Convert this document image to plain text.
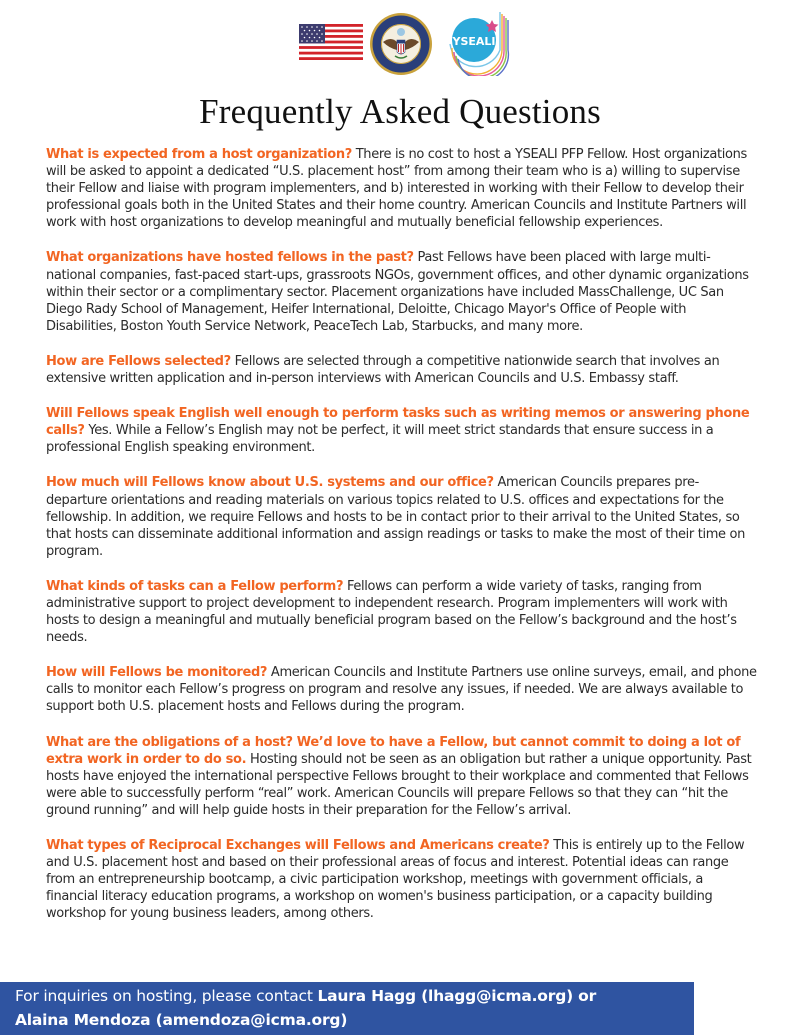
YSEALI
Frequently Asked Questions

What is expected from a host organization? There is no cost to host a YSEALI PFP Fellow. Host organizations will be asked to appoint a dedicated “U.S. placement host” from among their team who is a) willing to supervise their Fellow and liaise with program implementers, and b) interested in working with their Fellow to develop their professional goals both in the United States and their home country. American Councils and Institute Partners will work with host organizations to develop meaningful and mutually beneficial fellowship experiences.

What organizations have hosted fellows in the past? Past Fellows have been placed with large multi-national companies, fast-paced start-ups, grassroots NGOs, government offices, and other dynamic organizations within their sector or a complimentary sector. Placement organizations have included MassChallenge, UC San Diego Rady School of Management, Heifer International, Deloitte, Chicago Mayor's Office of People with Disabilities, Boston Youth Service Network, PeaceTech Lab, Starbucks, and many more.

How are Fellows selected? Fellows are selected through a competitive nationwide search that involves an extensive written application and in-person interviews with American Councils and U.S. Embassy staff.

Will Fellows speak English well enough to perform tasks such as writing memos or answering phone calls? Yes. While a Fellow’s English may not be perfect, it will meet strict standards that ensure success in a professional English speaking environment.

How much will Fellows know about U.S. systems and our office? American Councils prepares pre-departure orientations and reading materials on various topics related to U.S. offices and expectations for the fellowship. In addition, we require Fellows and hosts to be in contact prior to their arrival to the United States, so that hosts can disseminate additional information and assign readings or tasks to make the most of their time on program.

What kinds of tasks can a Fellow perform? Fellows can perform a wide variety of tasks, ranging from administrative support to project development to independent research. Program implementers will work with hosts to design a meaningful and mutually beneficial program based on the Fellow’s background and the host’s needs.

How will Fellows be monitored? American Councils and Institute Partners use online surveys, email, and phone calls to monitor each Fellow’s progress on program and resolve any issues, if needed. We are always available to support both U.S. placement hosts and Fellows during the program.

What are the obligations of a host? We’d love to have a Fellow, but cannot commit to doing a lot of extra work in order to do so. Hosting should not be seen as an obligation but rather a unique opportunity. Past hosts have enjoyed the international perspective Fellows brought to their workplace and commented that Fellows were able to successfully perform “real” work. American Councils will prepare Fellows so that they can “hit the ground running” and will help guide hosts in their preparation for the Fellow’s arrival.

What types of Reciprocal Exchanges will Fellows and Americans create? This is entirely up to the Fellow and U.S. placement host and based on their professional areas of focus and interest. Potential ideas can range from an entrepreneurship bootcamp, a civic participation workshop, meetings with government officials, a financial literacy education programs, a workshop on women's business participation, or a capacity building workshop for young business leaders, among others.

For inquiries on hosting, please contact Laura Hagg (lhagg@icma.org) or
Alaina Mendoza (amendoza@icma.org)
